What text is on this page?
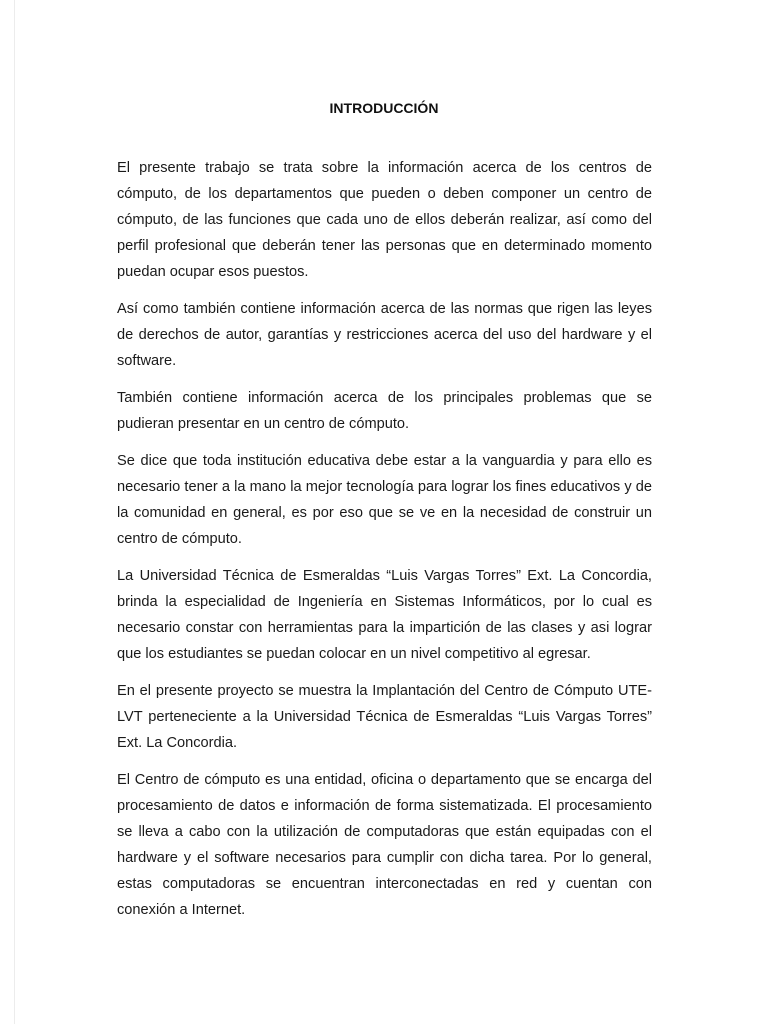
INTRODUCCIÓN

El presente trabajo se trata sobre la información acerca de los centros de cómputo, de los departamentos que pueden o deben componer un centro de cómputo, de las funciones que cada uno de ellos deberán realizar, así como del perfil profesional que deberán tener las personas que en determinado momento puedan ocupar esos puestos.

Así como también contiene información acerca de las normas que rigen las leyes de derechos de autor, garantías y restricciones acerca del uso del hardware y el software.

También contiene información acerca de los principales problemas que se pudieran presentar en un centro de cómputo.

Se dice que toda institución educativa debe estar a la vanguardia y para ello es necesario tener a la mano la mejor tecnología para lograr los fines educativos y de la comunidad en general, es por eso que se ve en la necesidad de construir un centro de cómputo.

La Universidad Técnica de Esmeraldas “Luis Vargas Torres” Ext. La Concordia, brinda la especialidad de Ingeniería en Sistemas Informáticos, por lo cual es necesario constar con herramientas para la impartición de las clases y asi lograr que los estudiantes se puedan colocar en un nivel competitivo al egresar.

En el presente proyecto se muestra la Implantación del Centro de Cómputo UTE-LVT perteneciente a la Universidad Técnica de Esmeraldas “Luis Vargas Torres” Ext. La Concordia.

El Centro de cómputo es una entidad, oficina o departamento que se encarga del procesamiento de datos e información de forma sistematizada. El procesamiento se lleva a cabo con la utilización de computadoras que están equipadas con el hardware y el software necesarios para cumplir con dicha tarea. Por lo general, estas computadoras se encuentran interconectadas en red y cuentan con conexión a Internet.
